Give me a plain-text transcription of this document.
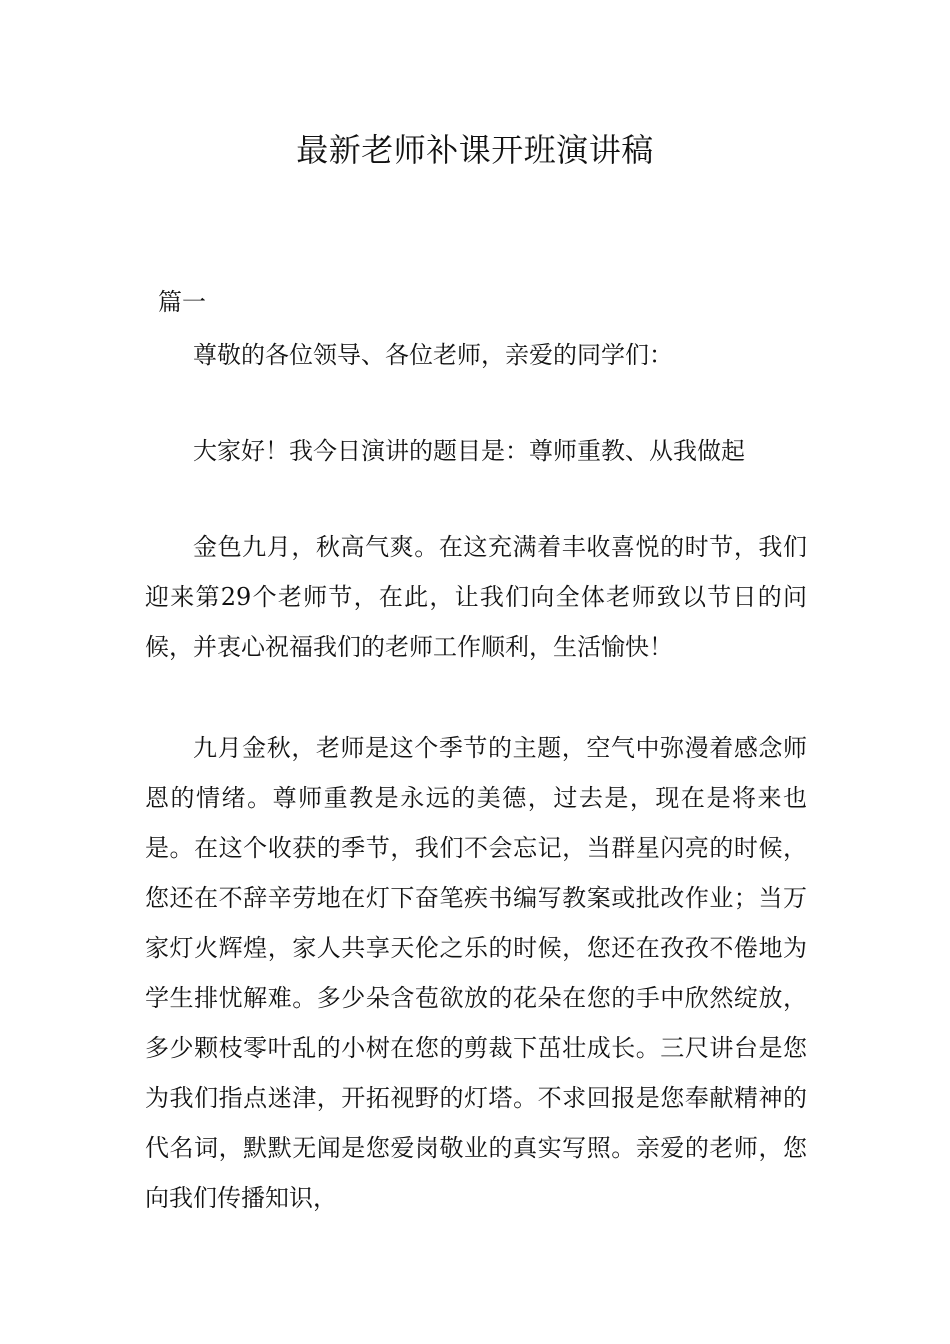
最新老师补课开班演讲稿
篇一

尊敬的各位领导、各位老师，亲爱的同学们：

大家好！我今日演讲的题目是：尊师重教、从我做起

金色九月，秋高气爽。在这充满着丰收喜悦的时节，我们迎来第29个老师节，在此，让我们向全体老师致以节日的问候，并衷心祝福我们的老师工作顺利，生活愉快！

九月金秋，老师是这个季节的主题，空气中弥漫着感念师恩的情绪。尊师重教是永远的美德，过去是，现在是将来也是。在这个收获的季节，我们不会忘记，当群星闪亮的时候，您还在不辞辛劳地在灯下奋笔疾书编写教案或批改作业；当万家灯火辉煌，家人共享天伦之乐的时候，您还在孜孜不倦地为学生排忧解难。多少朵含苞欲放的花朵在您的手中欣然绽放，多少颗枝零叶乱的小树在您的剪裁下茁壮成长。三尺讲台是您为我们指点迷津，开拓视野的灯塔。不求回报是您奉献精神的代名词，默默无闻是您爱岗敬业的真实写照。亲爱的老师，您向我们传播知识，
